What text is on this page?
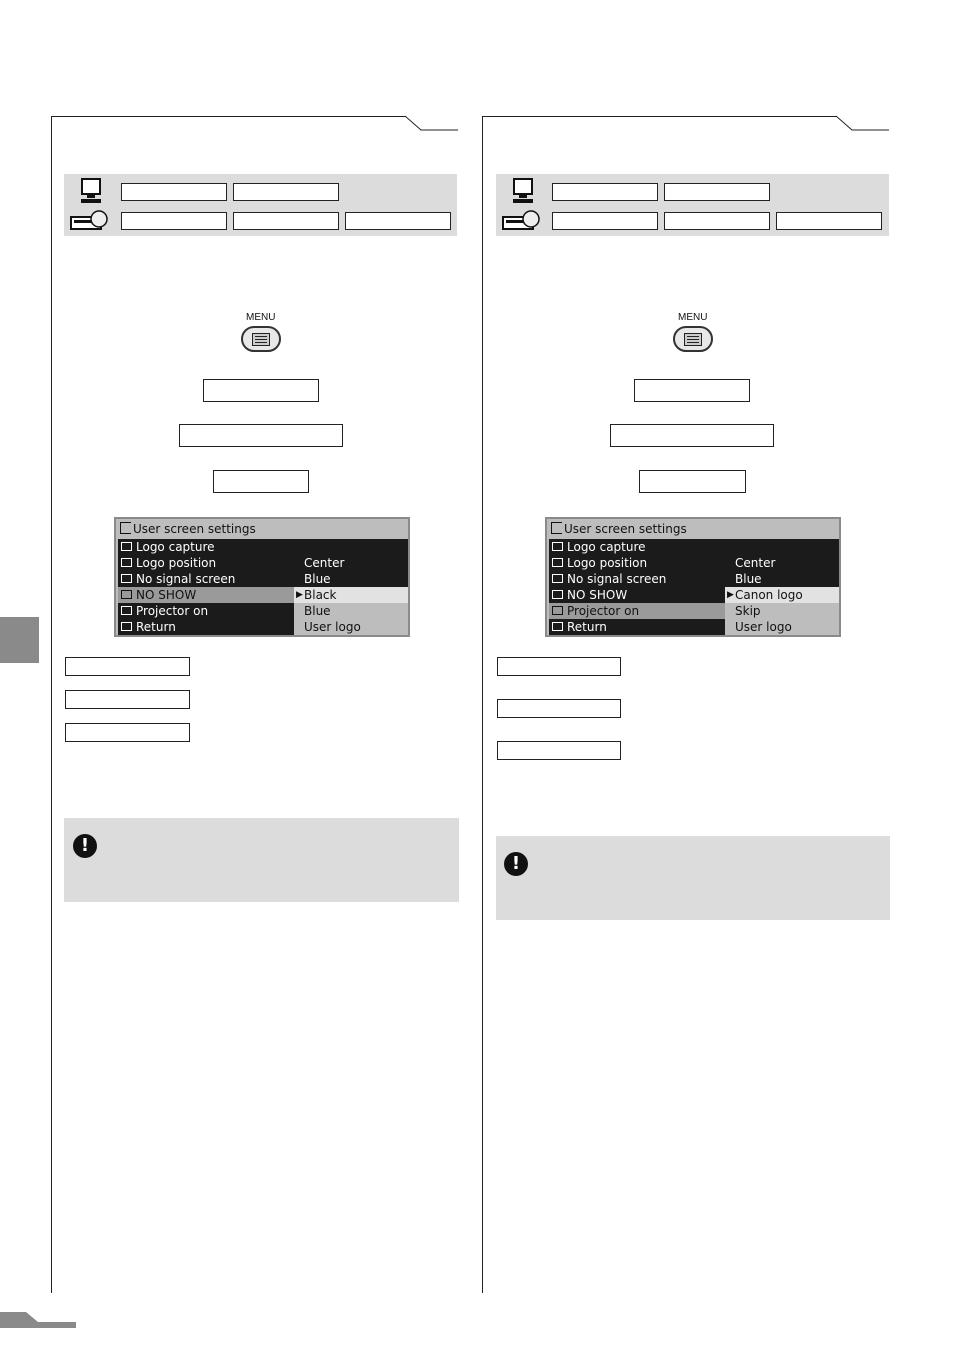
MENU	MENU
User screen settings
Logo capture
Logo position	Center
No signal screen	Blue
NO SHOW	▶ Black
Projector on	Blue
Return	User logo
User screen settings
Logo capture
Logo position	Center
No signal screen	Blue
NO SHOW	▶ Canon logo
Projector on	Skip
Return	User logo
!
!
